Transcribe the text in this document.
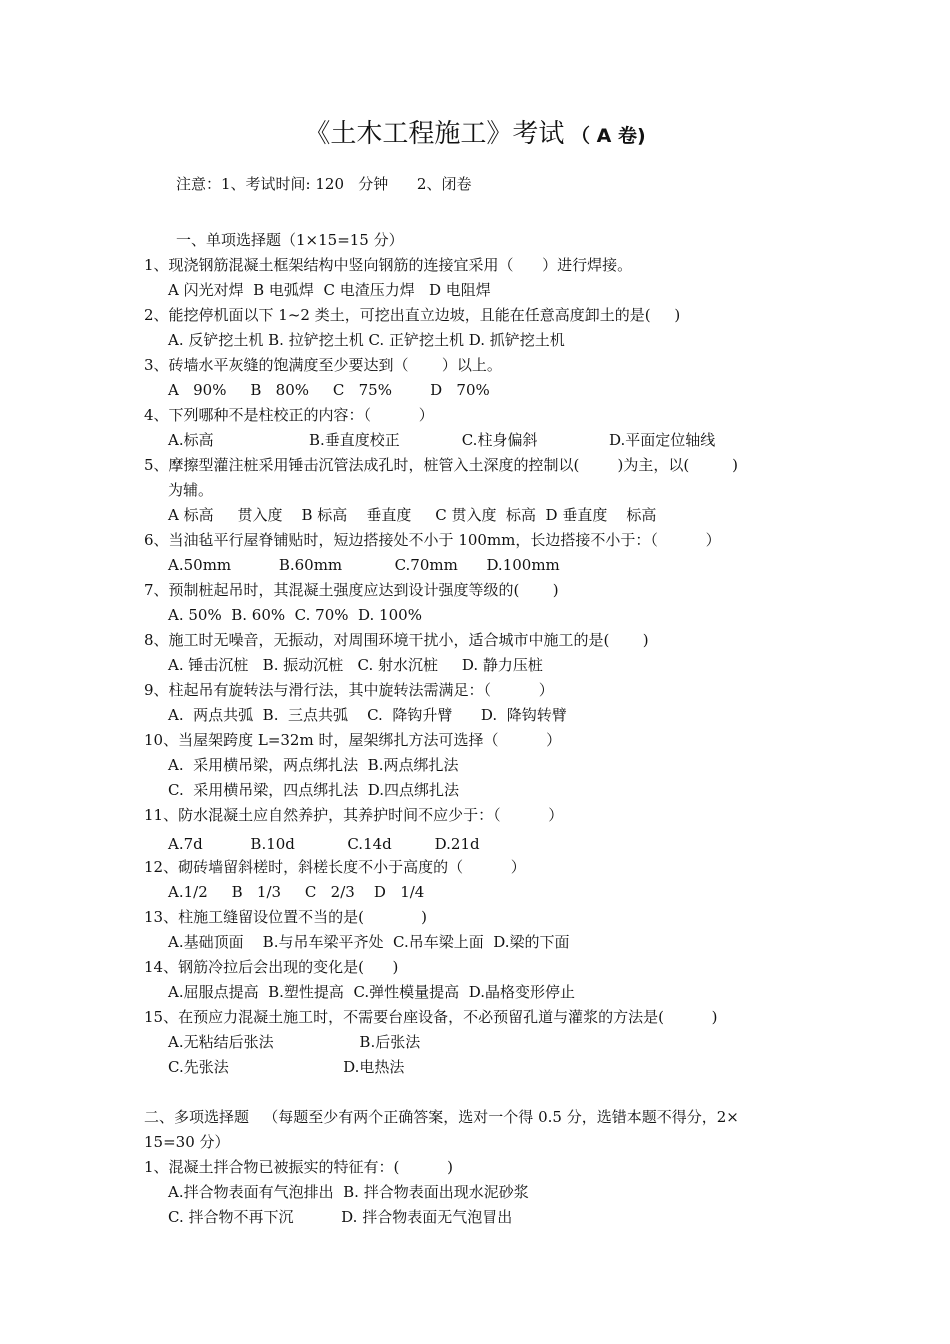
《土木工程施工》考试 （ A 卷)
注意：1、考试时间: 120   分钟      2、闭卷
一、单项选择题（1×15=15 分）
1、现浇钢筋混凝土框架结构中竖向钢筋的连接宜采用（      ）进行焊接。
A 闪光对焊  B 电弧焊  C 电渣压力焊   D 电阻焊
2、能挖停机面以下 1~2 类土，可挖出直立边坡，且能在任意高度卸土的是(     )
A. 反铲挖土机 B. 拉铲挖土机 C. 正铲挖土机 D. 抓铲挖土机
3、砖墙水平灰缝的饱满度至少要达到（       ）以上。
A   90%     B   80%     C   75%        D   70%
4、下列哪种不是柱校正的内容：（          ）
A.标高                    B.垂直度校正             C.柱身偏斜               D.平面定位轴线
5、摩擦型灌注桩采用锤击沉管法成孔时，桩管入土深度的控制以(        )为主，以(         )
为辅。
A 标高     贯入度    B 标高    垂直度     C 贯入度  标高  D 垂直度    标高
6、当油毡平行屋脊铺贴时，短边搭接处不小于 100mm，长边搭接不小于：（          ）
A.50mm          B.60mm           C.70mm      D.100mm
7、预制桩起吊时，其混凝土强度应达到设计强度等级的(       )
A. 50%  B. 60%  C. 70%  D. 100%
8、施工时无噪音，无振动，对周围环境干扰小，适合城市中施工的是(       )
A. 锤击沉桩   B. 振动沉桩   C. 射水沉桩     D. 静力压桩
9、柱起吊有旋转法与滑行法，其中旋转法需满足：（          ）
A.  两点共弧  B.  三点共弧    C.  降钩升臂      D.  降钩转臂
10、当屋架跨度 L=32m 时，屋架绑扎方法可选择（          ）
A.  采用横吊梁，两点绑扎法  B.两点绑扎法
C.  采用横吊梁，四点绑扎法  D.四点绑扎法
11、防水混凝土应自然养护，其养护时间不应少于：（          ）
A.7d          B.10d           C.14d         D.21d
12、砌砖墙留斜槎时，斜槎长度不小于高度的（          ）
A.1/2     B   1/3     C   2/3    D   1/4
13、柱施工缝留设位置不当的是(            )
A.基础顶面    B.与吊车梁平齐处  C.吊车梁上面  D.梁的下面
14、钢筋冷拉后会出现的变化是(      )
A.屈服点提高  B.塑性提高  C.弹性模量提高  D.晶格变形停止
15、在预应力混凝土施工时，不需要台座设备，不必预留孔道与灌浆的方法是(          )
A.无粘结后张法                  B.后张法
C.先张法                        D.电热法
二、多项选择题   （每题至少有两个正确答案，选对一个得 0.5 分，选错本题不得分，2×
15=30 分）
1、混凝土拌合物已被振实的特征有：(          )
A.拌合物表面有气泡排出  B. 拌合物表面出现水泥砂浆
C. 拌合物不再下沉          D. 拌合物表面无气泡冒出
